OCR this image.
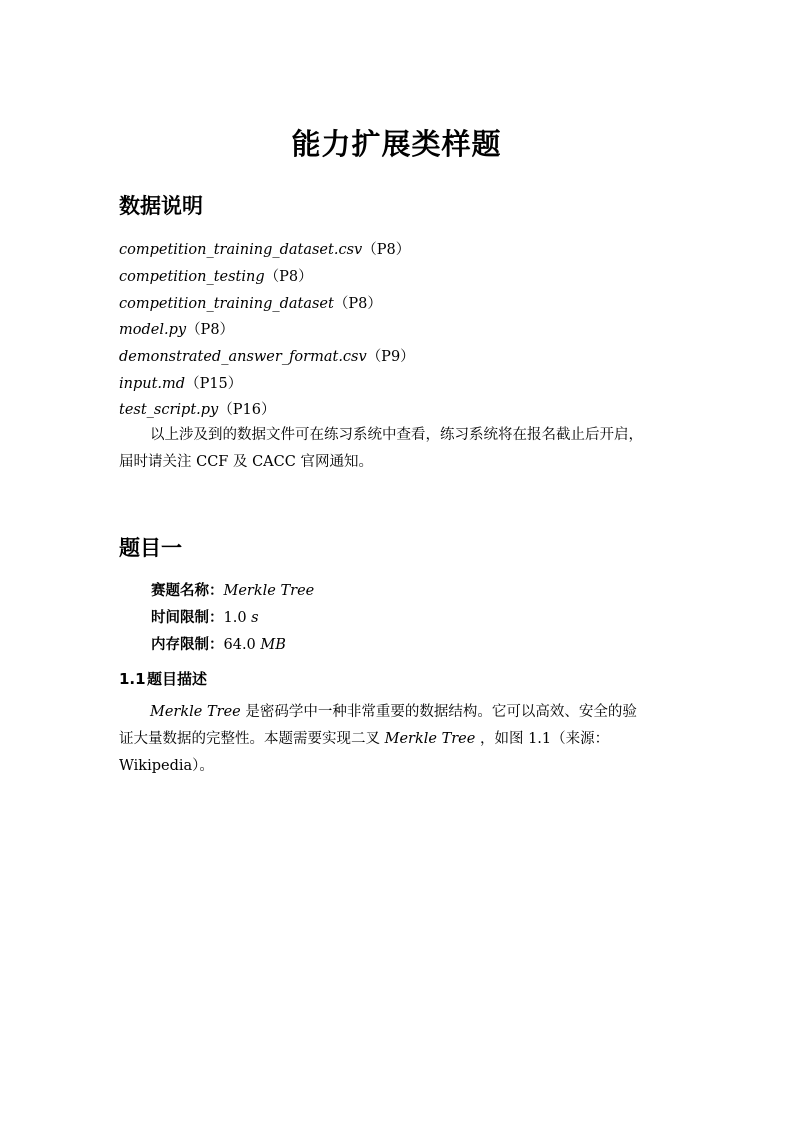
能力扩展类样题
数据说明
competition_training_dataset.csv（P8）
competition_testing（P8）
competition_training_dataset（P8）
model.py（P8）
demonstrated_answer_format.csv（P9）
input.md（P15）
test_script.py（P16）
以上涉及到的数据文件可在练习系统中查看，练习系统将在报名截止后开启，
届时请关注 CCF 及 CACC 官网通知。
题目一
赛题名称：Merkle Tree
时间限制：1.0 s
内存限制：64.0 MB
1.1题目描述
Merkle Tree 是密码学中一种非常重要的数据结构。它可以高效、安全的验
证大量数据的完整性。本题需要实现二叉 Merkle Tree ，如图 1.1（来源：
Wikipedia）。
